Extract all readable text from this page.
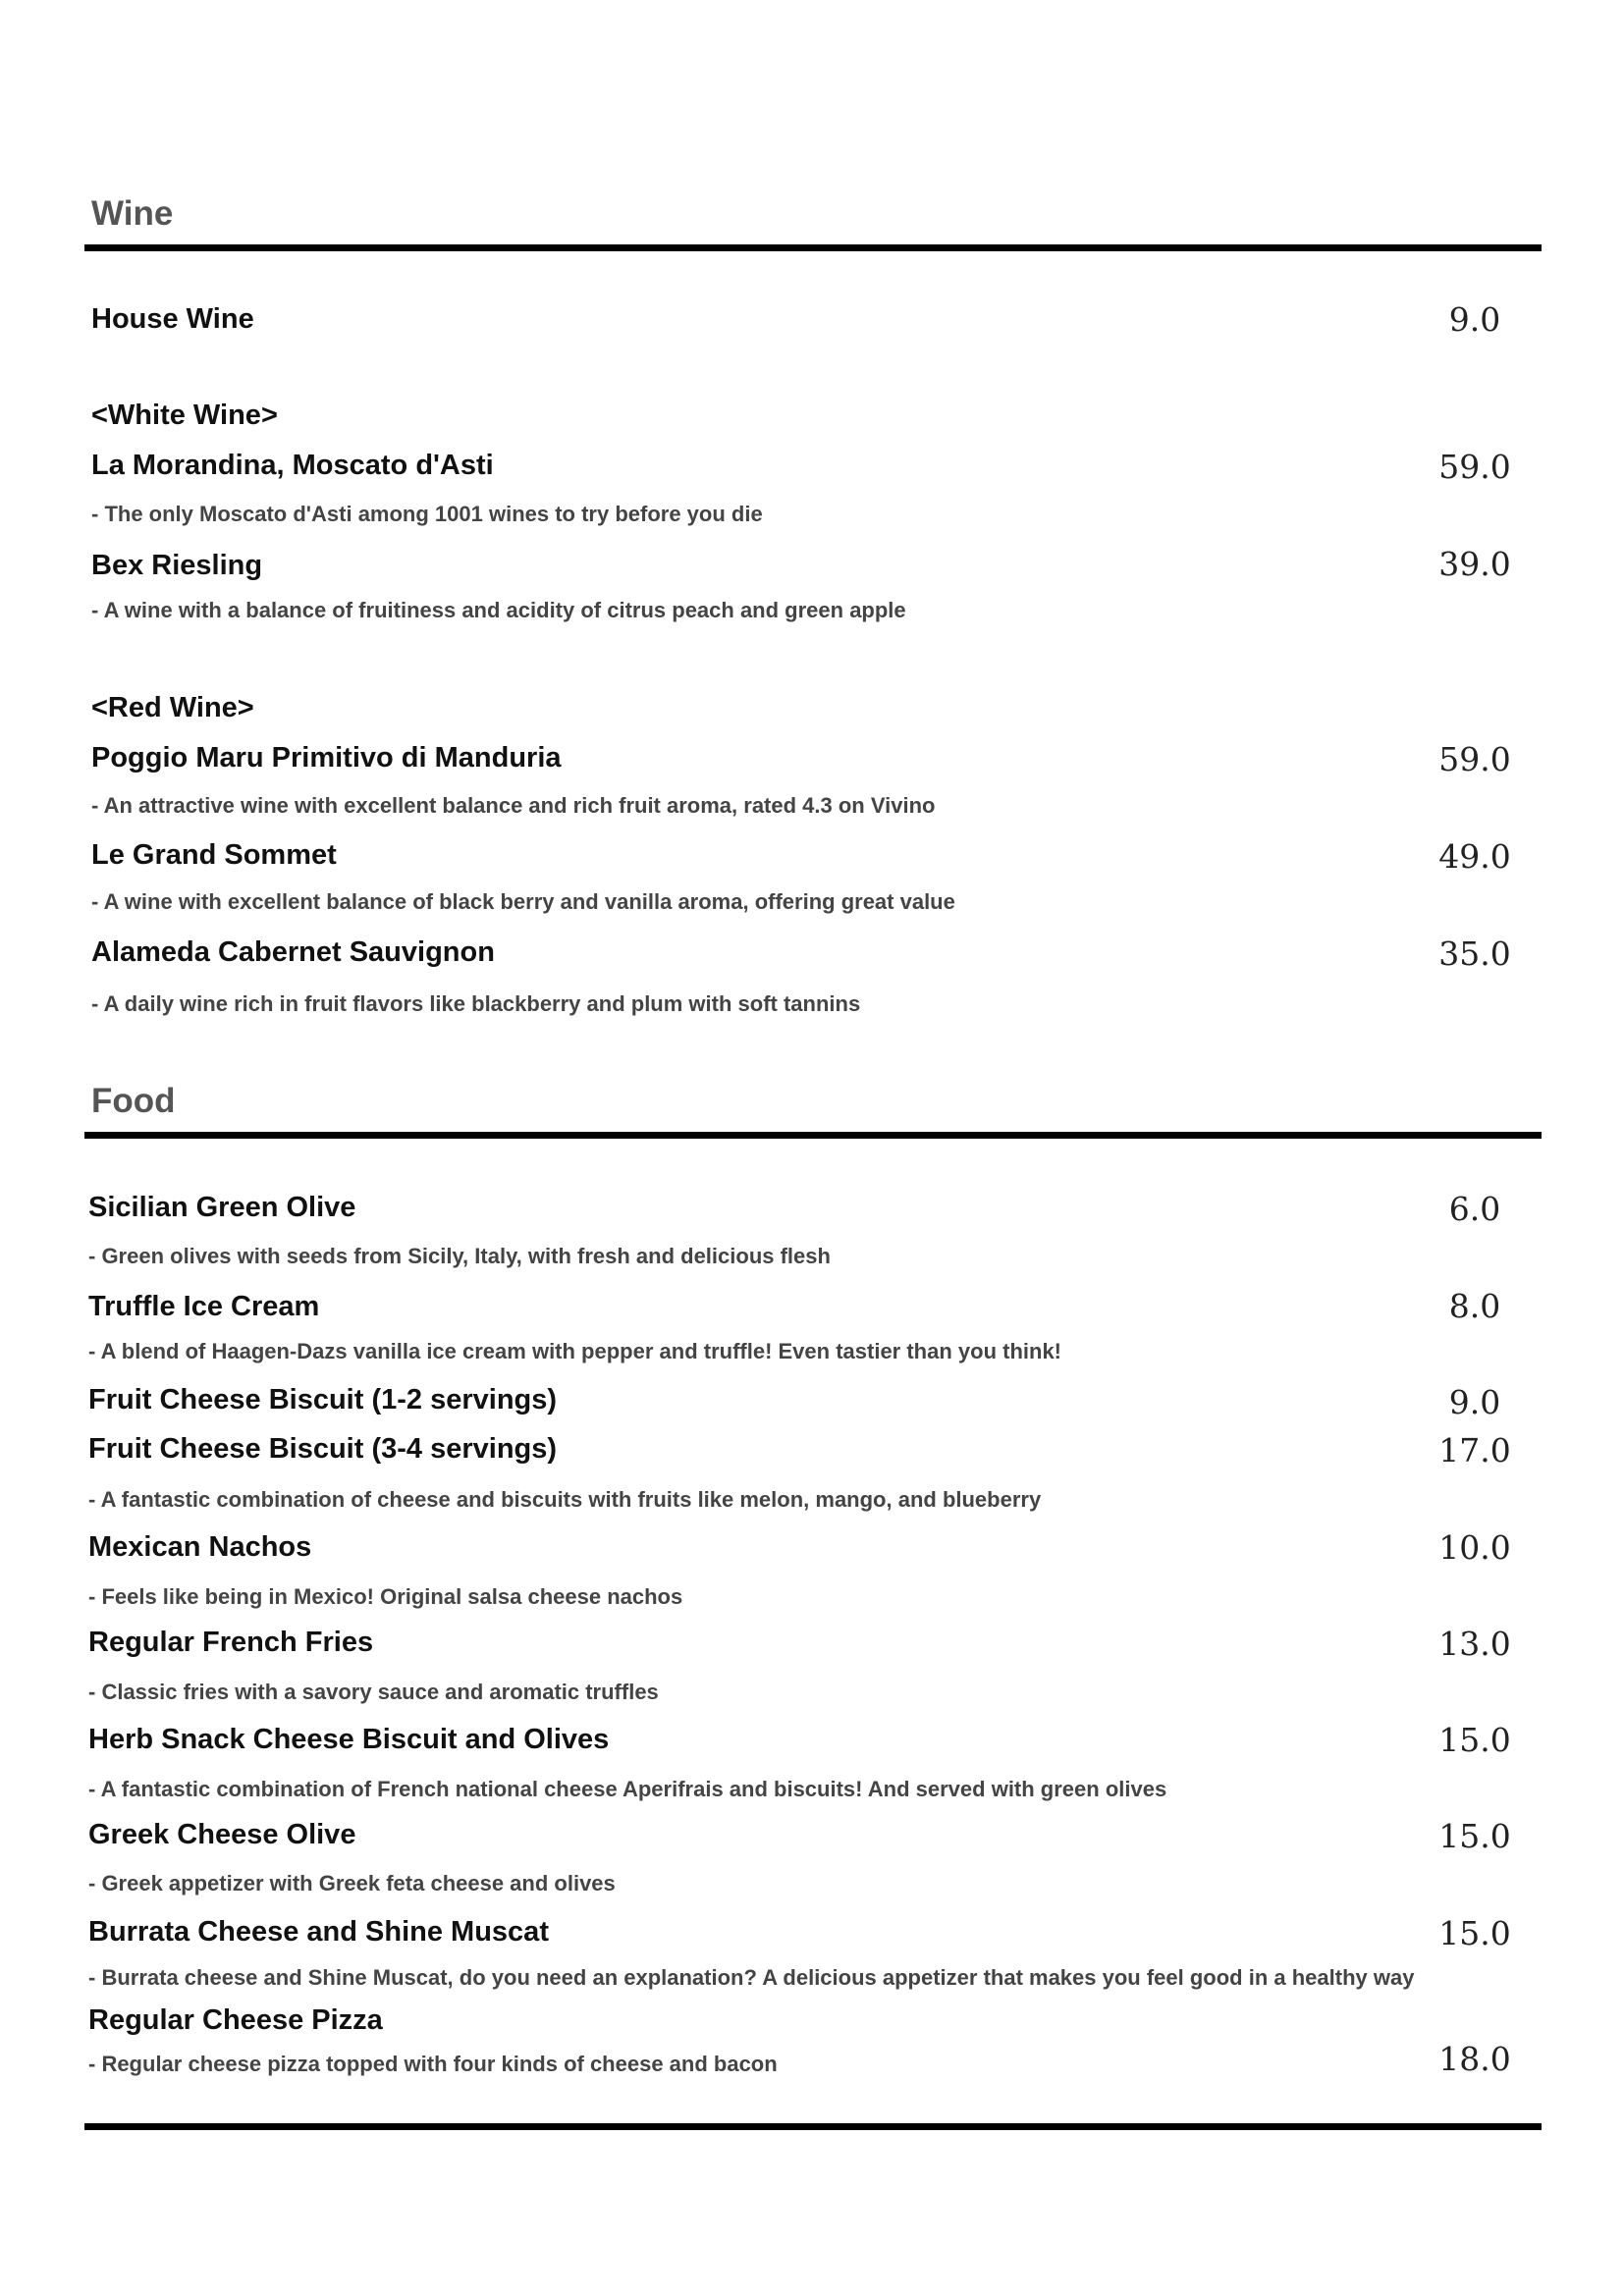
Wine
House Wine	9.0
<White Wine>
La Morandina, Moscato d'Asti	59.0
- The only Moscato d'Asti among 1001 wines to try before you die
Bex Riesling	39.0
- A wine with a balance of fruitiness and acidity of citrus peach and green apple
<Red Wine>
Poggio Maru Primitivo di Manduria	59.0
- An attractive wine with excellent balance and rich fruit aroma, rated 4.3 on Vivino
Le Grand Sommet	49.0
- A wine with excellent balance of black berry and vanilla aroma, offering great value
Alameda Cabernet Sauvignon	35.0
- A daily wine rich in fruit flavors like blackberry and plum with soft tannins
Food
Sicilian Green Olive	6.0
- Green olives with seeds from Sicily, Italy, with fresh and delicious flesh
Truffle Ice Cream	8.0
- A blend of Haagen-Dazs vanilla ice cream with pepper and truffle! Even tastier than you think!
Fruit Cheese Biscuit (1-2 servings)	9.0
Fruit Cheese Biscuit (3-4 servings)	17.0
- A fantastic combination of cheese and biscuits with fruits like melon, mango, and blueberry
Mexican Nachos	10.0
- Feels like being in Mexico! Original salsa cheese nachos
Regular French Fries	13.0
- Classic fries with a savory sauce and aromatic truffles
Herb Snack Cheese Biscuit and Olives	15.0
- A fantastic combination of French national cheese Aperifrais and biscuits! And served with green olives
Greek Cheese Olive	15.0
- Greek appetizer with Greek feta cheese and olives
Burrata Cheese and Shine Muscat	15.0
- Burrata cheese and Shine Muscat, do you need an explanation? A delicious appetizer that makes you feel good in a healthy way
Regular Cheese Pizza
18.0
- Regular cheese pizza topped with four kinds of cheese and bacon
